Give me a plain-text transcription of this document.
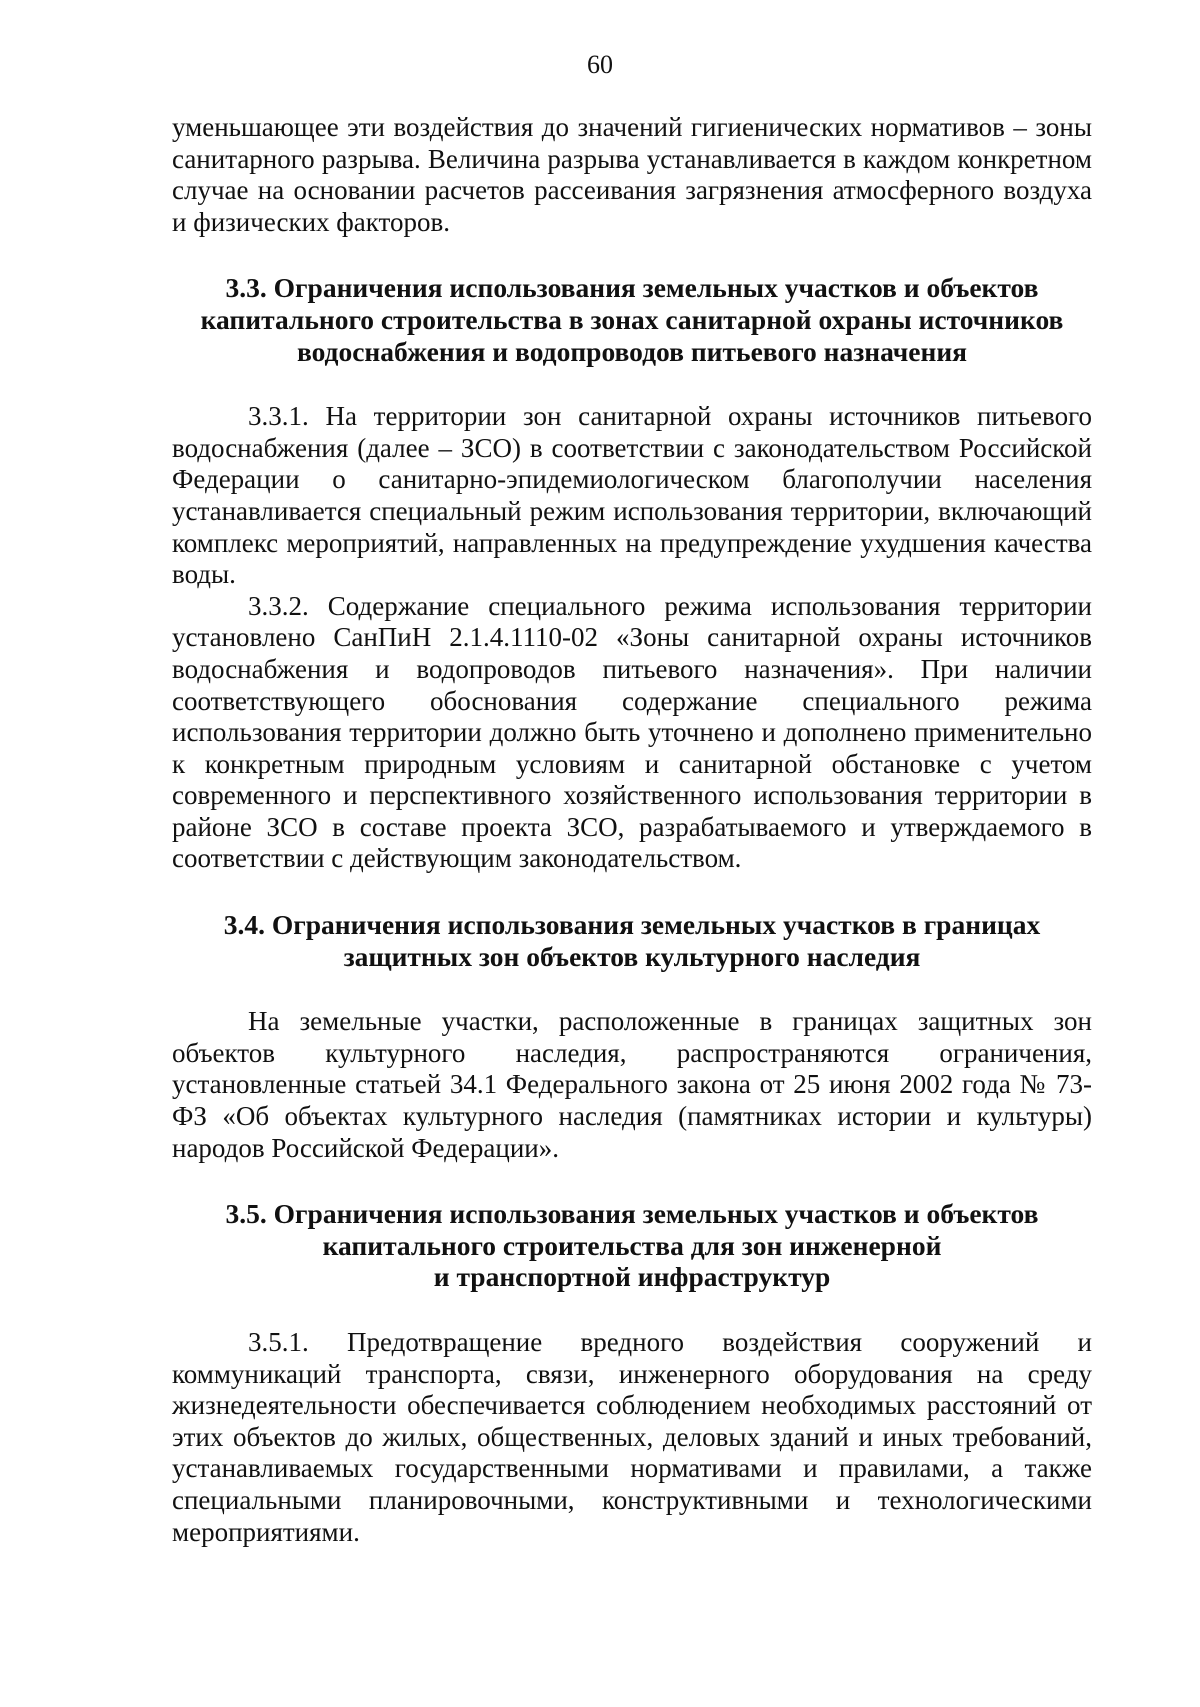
60

уменьшающее эти воздействия до значений гигиенических нормативов – зоны санитарного разрыва. Величина разрыва устанавливается в каждом конкретном случае на основании расчетов рассеивания загрязнения атмосферного воздуха и физических факторов.

3.3. Ограничения использования земельных участков и объектов
капитального строительства в зонах санитарной охраны источников
водоснабжения и водопроводов питьевого назначения

3.3.1. На территории зон санитарной охраны источников питьевого водоснабжения (далее – ЗСО) в соответствии с законодательством Российской Федерации о санитарно-эпидемиологическом благополучии населения устанавливается специальный режим использования территории, включающий комплекс мероприятий, направленных на предупреждение ухудшения качества воды.

3.3.2. Содержание специального режима использования территории установлено СанПиН 2.1.4.1110-02 «Зоны санитарной охраны источников водоснабжения и водопроводов питьевого назначения». При наличии соответствующего обоснования содержание специального режима использования территории должно быть уточнено и дополнено применительно к конкретным природным условиям и санитарной обстановке с учетом современного и перспективного хозяйственного использования территории в районе ЗСО в составе проекта ЗСО, разрабатываемого и утверждаемого в соответствии с действующим законодательством.

3.4. Ограничения использования земельных участков в границах
защитных зон объектов культурного наследия

На земельные участки, расположенные в границах защитных зон объектов культурного наследия, распространяются ограничения, установленные статьей 34.1 Федерального закона от 25 июня 2002 года № 73-ФЗ «Об объектах культурного наследия (памятниках истории и культуры) народов Российской Федерации».

3.5. Ограничения использования земельных участков и объектов
капитального строительства для зон инженерной
и транспортной инфраструктур

3.5.1. Предотвращение вредного воздействия сооружений и коммуникаций транспорта, связи, инженерного оборудования на среду жизнедеятельности обеспечивается соблюдением необходимых расстояний от этих объектов до жилых, общественных, деловых зданий и иных требований, устанавливаемых государственными нормативами и правилами, а также специальными планировочными, конструктивными и технологическими мероприятиями.
